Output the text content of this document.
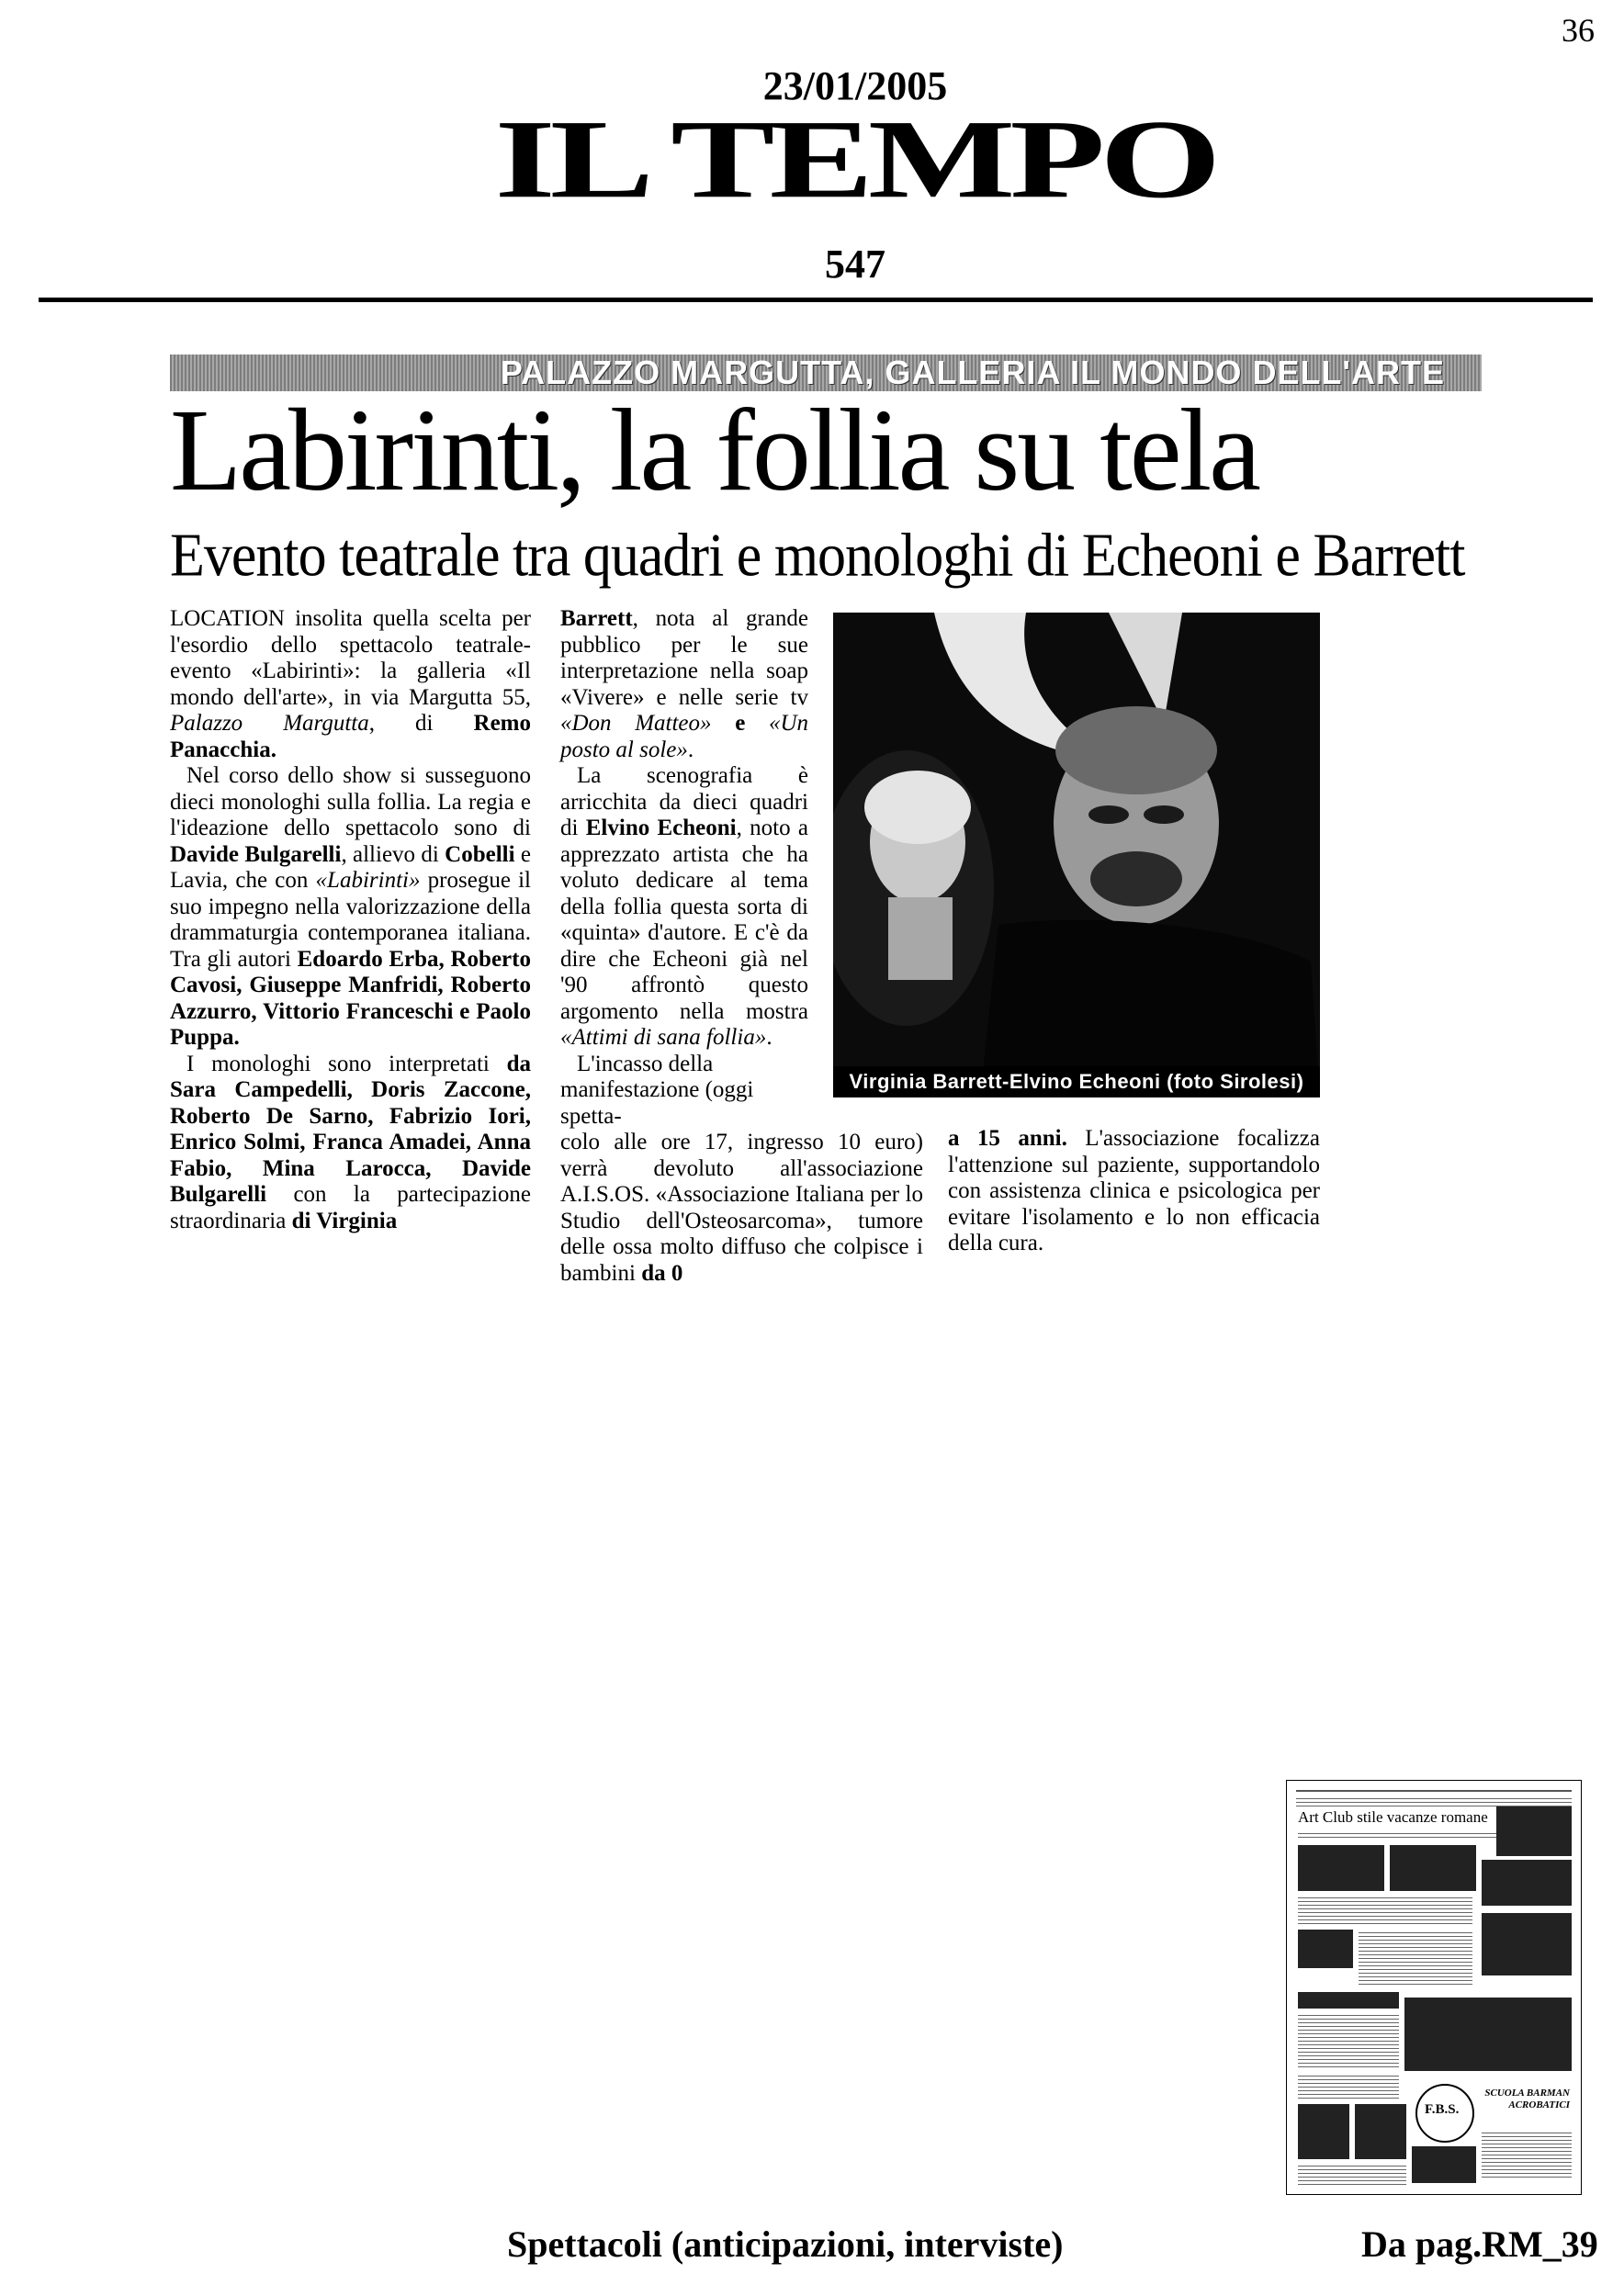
36
23/01/2005
IL TEMPO
547
PALAZZO MARGUTTA, GALLERIA IL MONDO DELL'ARTE
Labirinti, la follia su tela
Evento teatrale tra quadri e monologhi di Echeoni e Barrett

LOCATION insolita quella scelta per l'esordio dello spettacolo teatrale-evento «Labirinti»: la galleria «Il mondo dell'arte», in via Margutta 55, Palazzo Margutta, di Remo Panacchia.

Nel corso dello show si susseguono dieci monologhi sulla follia. La regia e l'ideazione dello spettacolo sono di Davide Bulgarelli, allievo di Cobelli e Lavia, che con «Labirinti» prosegue il suo impegno nella valorizzazione della drammaturgia contemporanea italiana. Tra gli autori Edoardo Erba, Roberto Cavosi, Giuseppe Manfridi, Roberto Azzurro, Vittorio Franceschi e Paolo Puppa.

I monologhi sono interpretati da Sara Campedelli, Doris Zaccone, Roberto De Sarno, Fabrizio Iori, Enrico Solmi, Franca Amadei, Anna Fabio, Mina Larocca, Davide Bulgarelli con la partecipazione straordinaria di Virginia

Barrett, nota al grande pubblico per le sue interpretazione nella soap «Vivere» e nelle serie tv «Don Matteo» e «Un posto al sole».

La scenografia è arricchita da dieci quadri di Elvino Echeoni, noto a apprezzato artista che ha voluto dedicare al tema della follia questa sorta di «quinta» d'autore. E c'è da dire che Echeoni già nel '90 affrontò questo argomento nella mostra «Attimi di sana follia».

L'incasso della manifestazione (oggi spetta-

colo alle ore 17, ingresso 10 euro) verrà devoluto all'associazione A.I.S.OS. «Associazione Italiana per lo Studio dell'Osteosarcoma», tumore delle ossa molto diffuso che colpisce i bambini da 0

Virginia Barrett-Elvino Echeoni (foto Sirolesi)

a 15 anni. L'associazione focalizza l'attenzione sul paziente, supportandolo con assistenza clinica e psicologica per evitare l'isolamento e lo non efficacia della cura.

Art Club stile vacanze romane
F.B.S.
SCUOLA BARMAN ACROBATICI
Spettacoli (anticipazioni, interviste)	Da pag.RM_39
